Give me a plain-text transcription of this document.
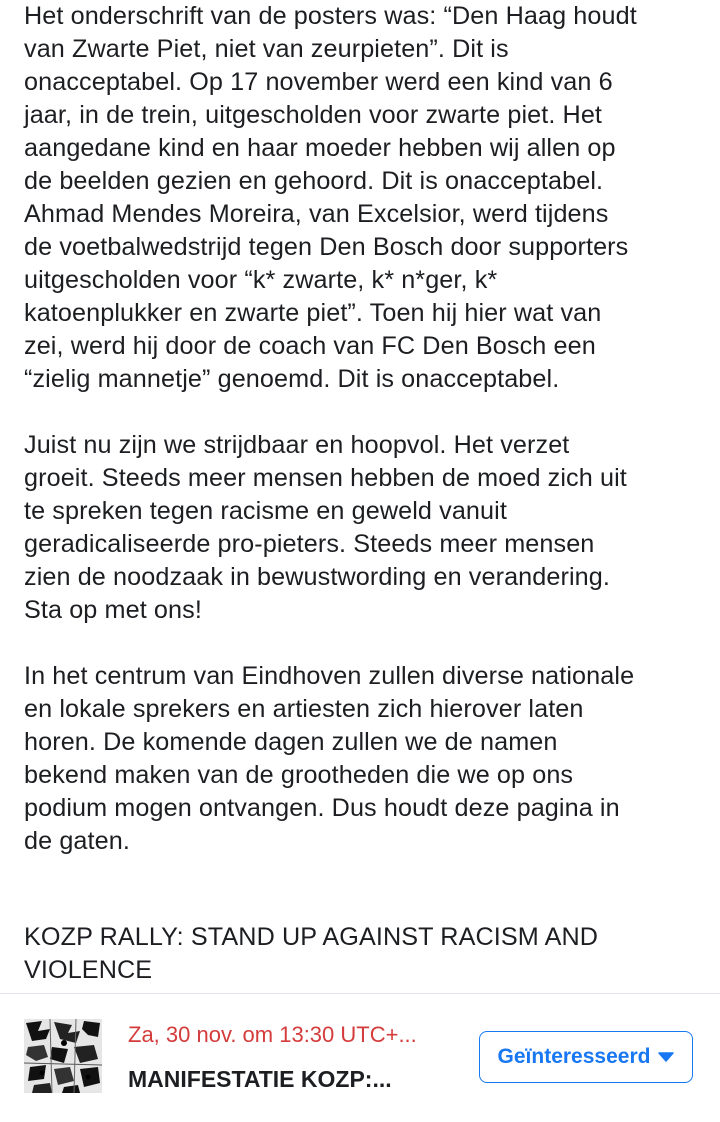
Het onderschrift van de posters was: “Den Haag houdt
van Zwarte Piet, niet van zeurpieten”. Dit is
onacceptabel. Op 17 november werd een kind van 6
jaar, in de trein, uitgescholden voor zwarte piet. Het
aangedane kind en haar moeder hebben wij allen op
de beelden gezien en gehoord. Dit is onacceptabel.
Ahmad Mendes Moreira, van Excelsior, werd tijdens
de voetbalwedstrijd tegen Den Bosch door supporters
uitgescholden voor “k* zwarte, k* n*ger, k*
katoenplukker en zwarte piet”. Toen hij hier wat van
zei, werd hij door de coach van FC Den Bosch een
“zielig mannetje” genoemd. Dit is onacceptabel.

Juist nu zijn we strijdbaar en hoopvol. Het verzet
groeit. Steeds meer mensen hebben de moed zich uit
te spreken tegen racisme en geweld vanuit
geradicaliseerde pro-pieters. Steeds meer mensen
zien de noodzaak in bewustwording en verandering.
Sta op met ons!

In het centrum van Eindhoven zullen diverse nationale
en lokale sprekers en artiesten zich hierover laten
horen. De komende dagen zullen we de namen
bekend maken van de grootheden die we op ons
podium mogen ontvangen. Dus houdt deze pagina in
de gaten.

KOZP RALLY: STAND UP AGAINST RACISM AND
VIOLENCE

Za, 30 nov. om 13:30 UTC+...
MANIFESTATIE KOZP:...
Geïnteresseerd
